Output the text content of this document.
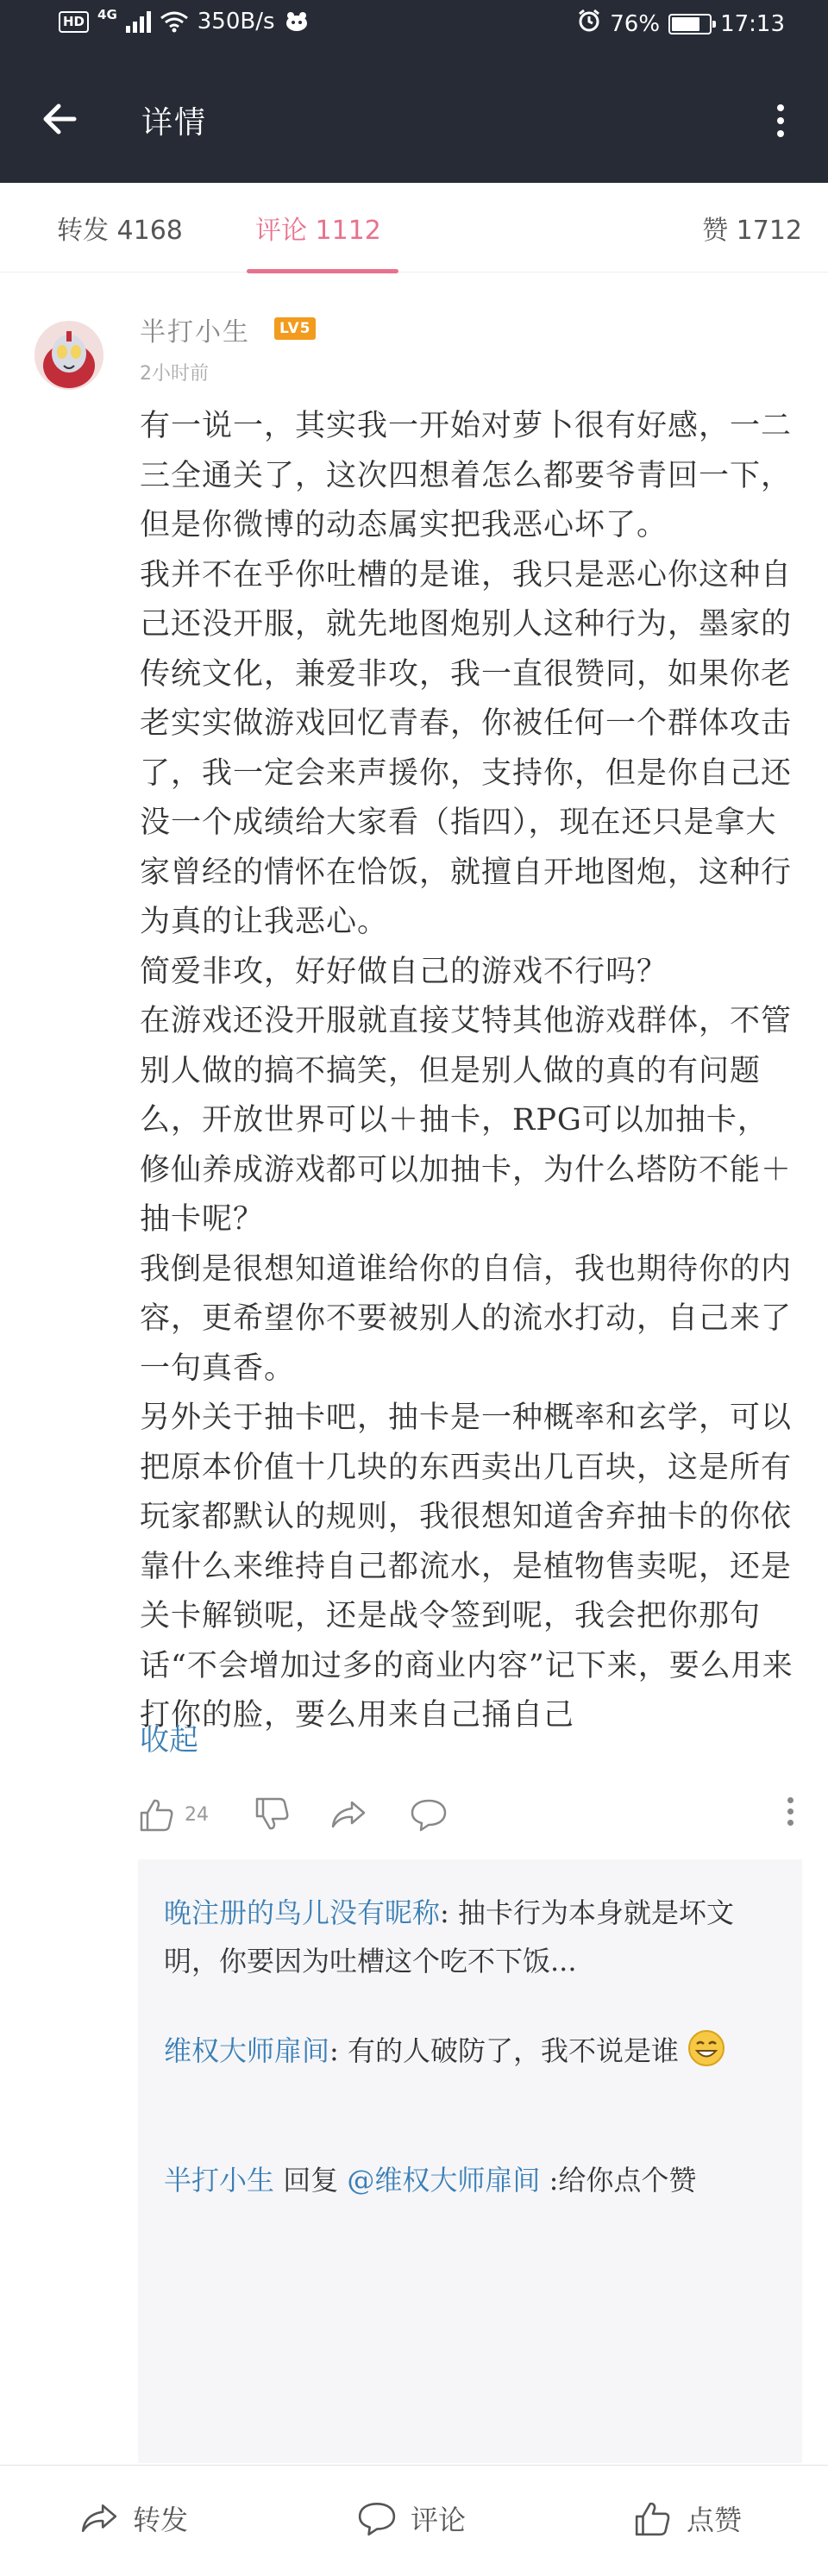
HD	4G	350B/s	76%	17:13
详情
转发 4168	评论 1112	赞 1712
半打小生	LV5
2小时前

有一说一，其实我一开始对萝卜很有好感，一二三全通关了，这次四想着怎么都要爷青回一下，但是你微博的动态属实把我恶心坏了。

我并不在乎你吐槽的是谁，我只是恶心你这种自己还没开服，就先地图炮别人这种行为，墨家的传统文化，兼爱非攻，我一直很赞同，如果你老老实实做游戏回忆青春，你被任何一个群体攻击了，我一定会来声援你，支持你，但是你自己还没一个成绩给大家看（指四），现在还只是拿大家曾经的情怀在恰饭，就擅自开地图炮，这种行为真的让我恶心。

简爱非攻，好好做自己的游戏不行吗？

在游戏还没开服就直接艾特其他游戏群体，不管别人做的搞不搞笑，但是别人做的真的有问题么，开放世界可以＋抽卡，RPG可以加抽卡，修仙养成游戏都可以加抽卡，为什么塔防不能＋抽卡呢？

我倒是很想知道谁给你的自信，我也期待你的内容，更希望你不要被别人的流水打动，自己来了一句真香。

另外关于抽卡吧，抽卡是一种概率和玄学，可以把原本价值十几块的东西卖出几百块，这是所有玩家都默认的规则，我很想知道舍弃抽卡的你依靠什么来维持自己都流水，是植物售卖呢，还是关卡解锁呢，还是战令签到呢，我会把你那句话“不会增加过多的商业内容”记下来，要么用来打你的脸，要么用来自己捅自己

收起
24
晚注册的鸟儿没有昵称: 抽卡行为本身就是坏文明，你要因为吐槽这个吃不下饭...
维权大师扉间: 有的人破防了，我不说是谁
半打小生 回复 @维权大师扉间 :给你点个赞
转发	评论	点赞
